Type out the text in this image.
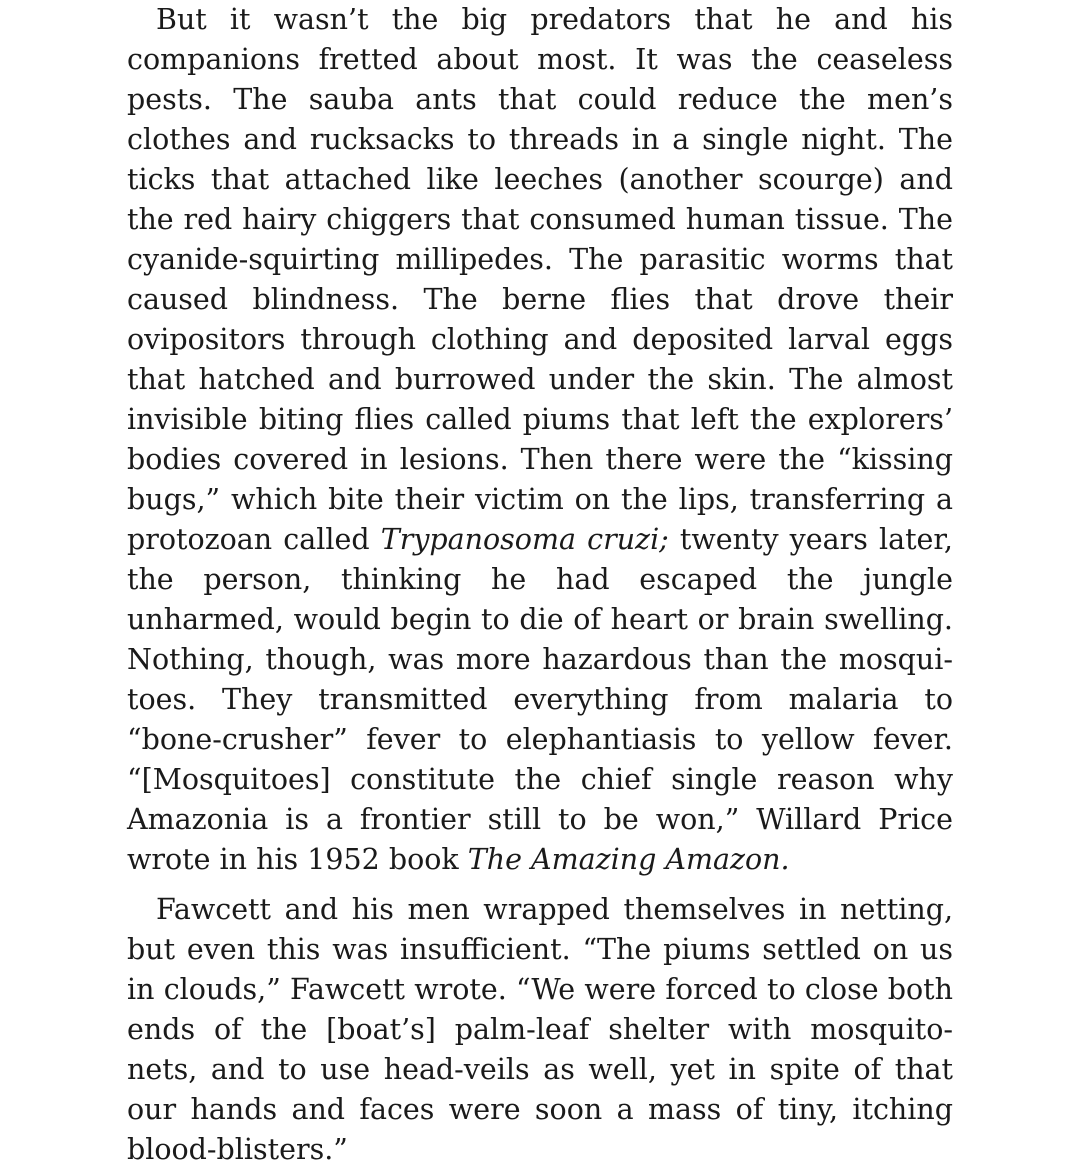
But it wasn’t the big predators that he and his companions fretted about most. It was the ceaseless pests. The sauba ants that could reduce the men’s clothes and rucksacks to threads in a single night. The ticks that attached like leeches (another scourge) and the red hairy chiggers that consumed human tissue. The cyanide-squirting millipedes. The parasitic worms that caused blindness. The berne flies that drove their ovipositors through clothing and deposited larval eggs that hatched and burrowed under the skin. The almost invisible biting flies called piums that left the explorers’ bodies covered in lesions. Then there were the “kissing bugs,” which bite their victim on the lips, transferring a protozoan called Trypanosoma cruzi; twenty years later, the person, thinking he had escaped the jungle unharmed, would begin to die of heart or brain swelling. Nothing, though, was more hazardous than the mosquitoes. They transmitted everything from malaria to “bone-crusher” fever to elephantiasis to yellow fever. “[Mosquitoes] constitute the chief single reason why Amazonia is a frontier still to be won,” Willard Price wrote in his 1952 book The Amazing Amazon.

Fawcett and his men wrapped themselves in netting, but even this was insufficient. “The piums settled on us in clouds,” Fawcett wrote. “We were forced to close both ends of the [boat’s] palm-leaf shelter with mosquito-nets, and to use head-veils as well, yet in spite of that our hands and faces were soon a mass of tiny, itching blood-blisters.”
